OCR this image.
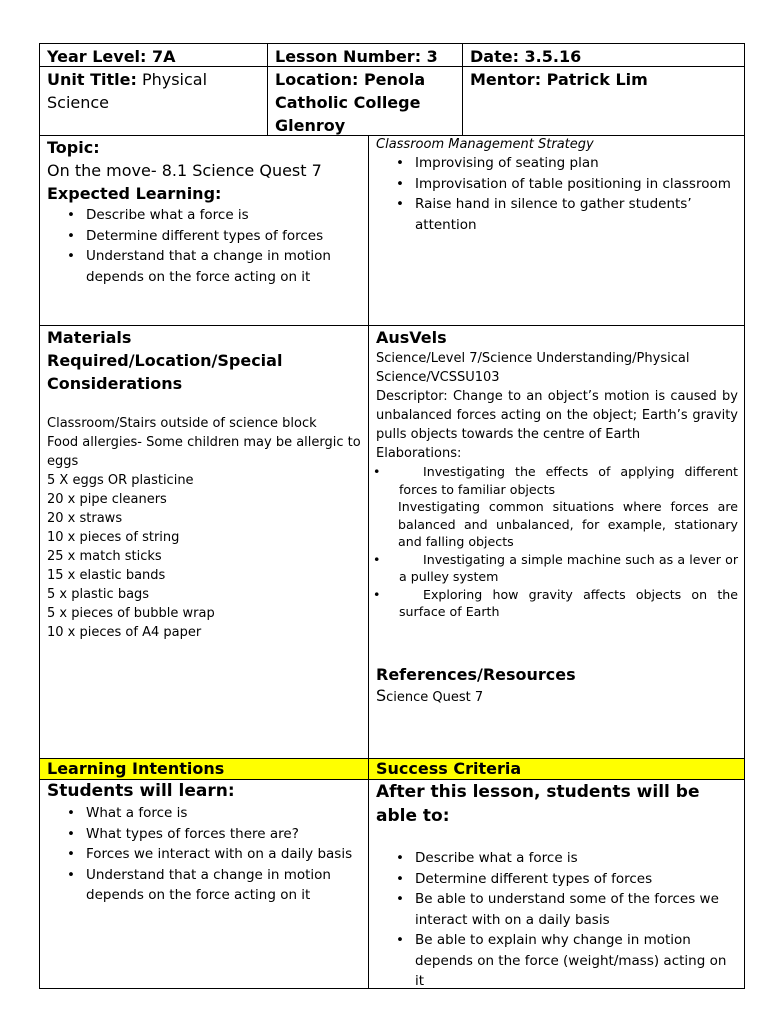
Year Level: 7A	Lesson Number: 3	Date: 3.5.16
Unit Title: Physical Science
Location: Penola Catholic College Glenroy
Mentor: Patrick Lim

Topic:

On the move- 8.1 Science Quest 7

Expected Learning:

• Describe what a force is
• Determine different types of forces
• Understand that a change in motion depends on the force acting on it

Classroom Management Strategy

• Improvising of seating plan
• Improvisation of table positioning in classroom
• Raise hand in silence to gather students’ attention

Materials Required/Location/Special Considerations

Classroom/Stairs outside of science block

Food allergies- Some children may be allergic to eggs

5 X eggs OR plasticine

20 x pipe cleaners

20 x straws

10 x pieces of string

25 x match sticks

15 x elastic bands

5 x plastic bags

5 x pieces of bubble wrap

10 x pieces of A4 paper

AusVels

Science/Level 7/Science Understanding/Physical Science/VCSSU103

Descriptor: Change to an object’s motion is caused by unbalanced forces acting on the object; Earth’s gravity pulls objects towards the centre of Earth

Elaborations:

•	Investigating the effects of applying different forces to familiar objects

Investigating common situations where forces are balanced and unbalanced, for example, stationary and falling objects

•	Investigating a simple machine such as a lever or a pulley system
•	Exploring how gravity affects objects on the surface of Earth

References/Resources

Science Quest 7

Learning Intentions	Success Criteria

Students will learn:

• What a force is
• What types of forces there are?
• Forces we interact with on a daily basis
• Understand that a change in motion depends on the force acting on it

After this lesson, students will be able to:

• Describe what a force is
• Determine different types of forces
• Be able to understand some of the forces we interact with on a daily basis
• Be able to explain why change in motion depends on the force (weight/mass) acting on it
